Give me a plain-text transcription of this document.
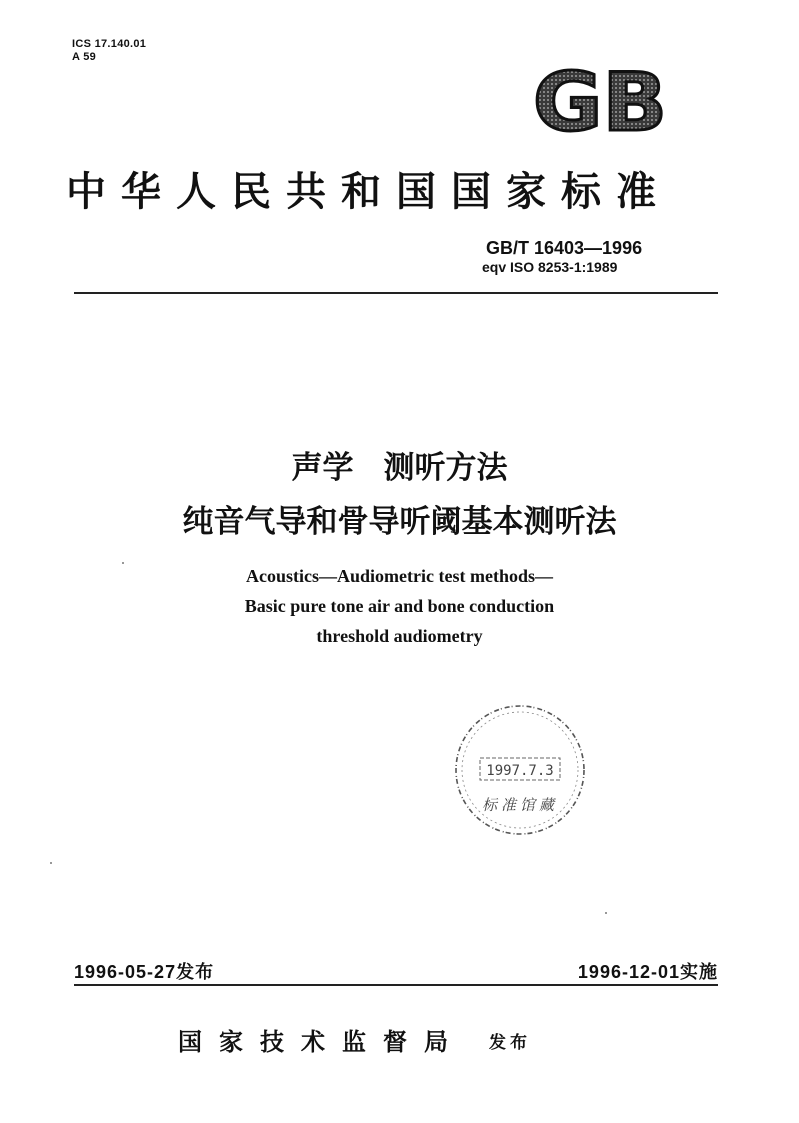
ICS 17.140.01
A 59	GB
中华人民共和国国家标准
GB/T 16403—1996
eqv ISO 8253-1:1989
声学 测听方法
纯音气导和骨导听阈基本测听法
Acoustics—Audiometric test methods—
Basic pure tone air and bone conduction
threshold audiometry
1997.7.3
标准馆藏
1996-05-27发布	1996-12-01实施
国家技术监督局 发布
